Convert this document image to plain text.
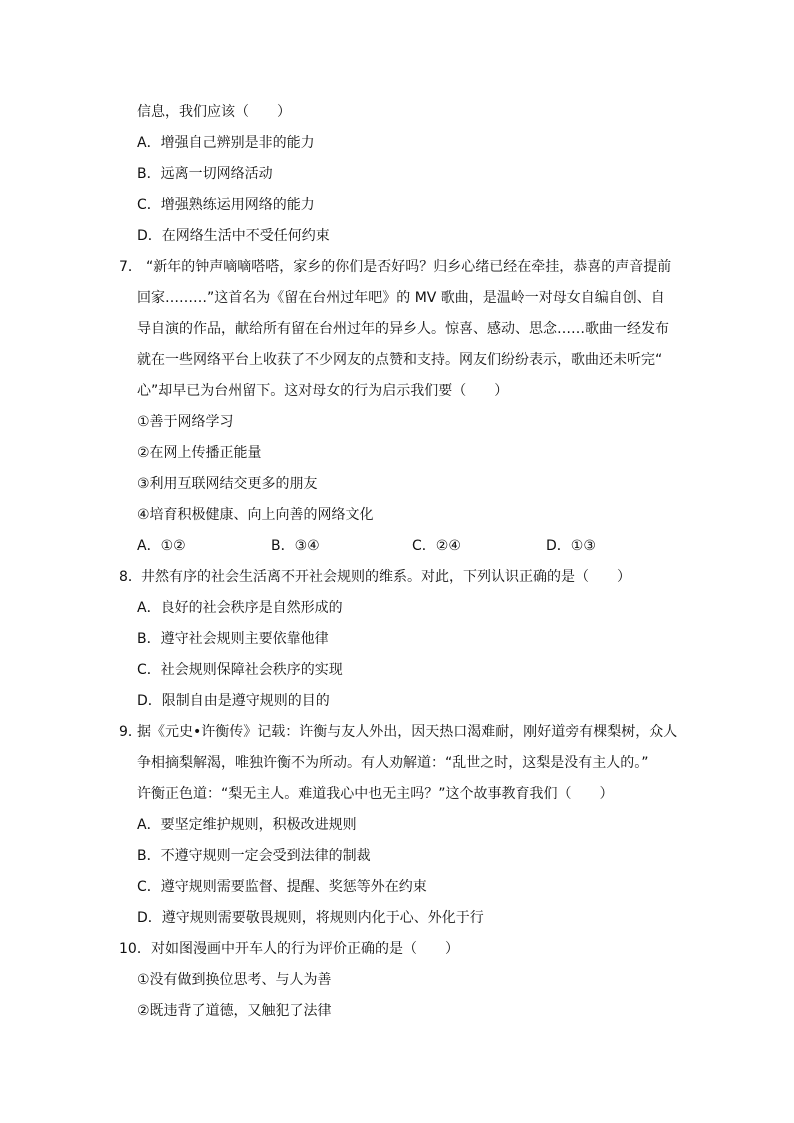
信息，我们应该（　　）
A．增强自己辨别是非的能力
B．远离一切网络活动
C．增强熟练运用网络的能力
D．在网络生活中不受任何约束
7． “新年的钟声嘀嘀嗒嗒，家乡的你们是否好吗？归乡心绪已经在牵挂，恭喜的声音提前
回家………”这首名为《留在台州过年吧》的 MV 歌曲，是温岭一对母女自编自创、自
导自演的作品，献给所有留在台州过年的异乡人。惊喜、感动、思念……歌曲一经发布
就在一些网络平台上收获了不少网友的点赞和支持。网友们纷纷表示，歌曲还未听完“
心”却早已为台州留下。这对母女的行为启示我们要（　　）
①善于网络学习
②在网上传播正能量
③利用互联网结交更多的朋友
④培育积极健康、向上向善的网络文化
A．①②	B．③④	C．②④	D．①③
8． 井然有序的社会生活离不开社会规则的维系。对此，下列认识正确的是（　　）
A．良好的社会秩序是自然形成的
B．遵守社会规则主要依靠他律
C．社会规则保障社会秩序的实现
D．限制自由是遵守规则的目的
9．
据《元史•许衡传》记载：许衡与友人外出，因天热口渴难耐，刚好道旁有棵梨树，众人
争相摘梨解渴，唯独许衡不为所动。有人劝解道：“乱世之时，这梨是没有主人的。”
许衡正色道：“梨无主人。难道我心中也无主吗？”这个故事教育我们（　　）
A．要坚定维护规则，积极改进规则
B．不遵守规则一定会受到法律的制裁
C．遵守规则需要监督、提醒、奖惩等外在约束
D．遵守规则需要敬畏规则，将规则内化于心、外化于行
10． 对如图漫画中开车人的行为评价正确的是（　　）
①没有做到换位思考、与人为善
②既违背了道德，又触犯了法律
